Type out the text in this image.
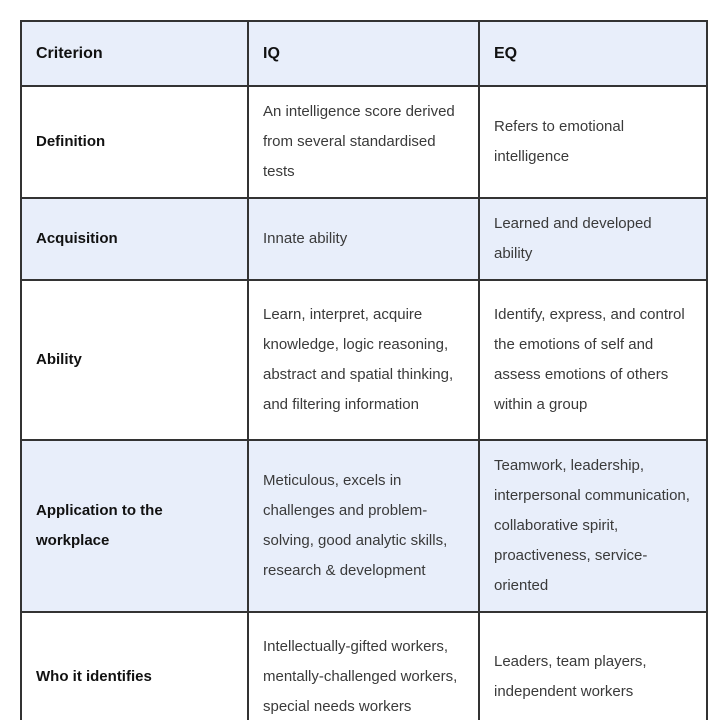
Criterion	IQ	EQ
Definition	An intelligence score derived from several standardised tests	Refers to emotional intelligence
Acquisition	Innate ability	Learned and developed ability
Ability	Learn, interpret, acquire knowledge, logic reasoning, abstract and spatial thinking, and filtering information	Identify, express, and control the emotions of self and assess emotions of others within a group
Application to the workplace	Meticulous, excels in challenges and problem-solving, good analytic skills, research & development	Teamwork, leadership, interpersonal communication, collaborative spirit, proactiveness, service-oriented
Who it identifies	Intellectually-gifted workers, mentally-challenged workers, special needs workers	Leaders, team players, independent workers
